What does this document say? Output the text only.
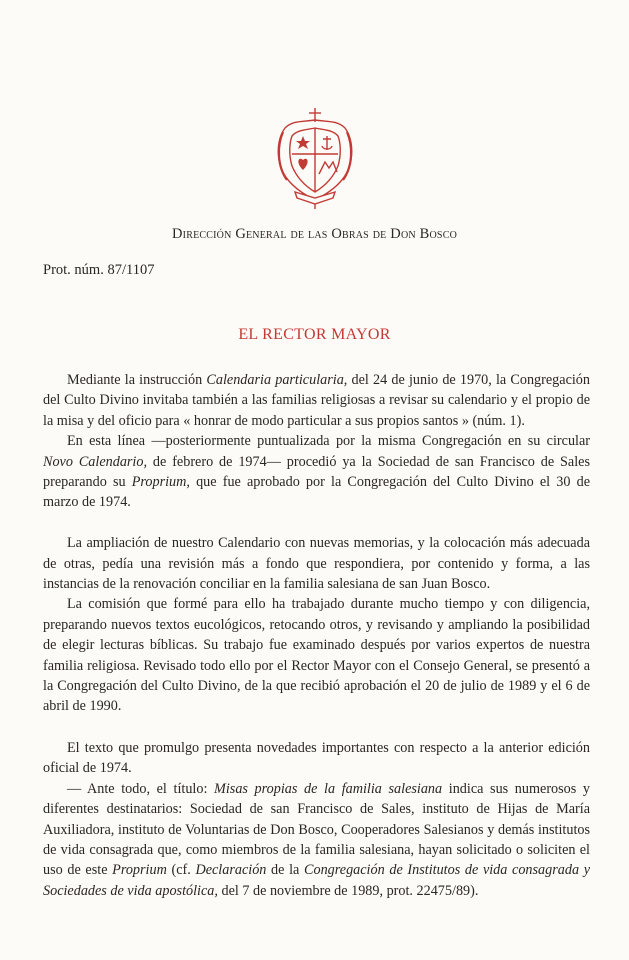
Dirección General de las Obras de Don Bosco
Prot. núm. 87/1107
EL RECTOR MAYOR

Mediante la instrucción Calendaria particularia, del 24 de junio de 1970, la Congregación del Culto Divino invitaba también a las familias religiosas a revisar su calendario y el propio de la misa y del oficio para « honrar de modo particular a sus propios santos » (núm. 1).

En esta línea —posteriormente puntualizada por la misma Congregación en su circular Novo Calendario, de febrero de 1974— procedió ya la Sociedad de san Francisco de Sales preparando su Proprium, que fue aprobado por la Congregación del Culto Divino el 30 de marzo de 1974.

La ampliación de nuestro Calendario con nuevas memorias, y la colocación más adecuada de otras, pedía una revisión más a fondo que respondiera, por contenido y forma, a las instancias de la renovación conciliar en la familia salesiana de san Juan Bosco.

La comisión que formé para ello ha trabajado durante mucho tiempo y con diligencia, preparando nuevos textos eucológicos, retocando otros, y revisando y ampliando la posibilidad de elegir lecturas bíblicas. Su trabajo fue examinado después por varios expertos de nuestra familia religiosa. Revisado todo ello por el Rector Mayor con el Consejo General, se presentó a la Congregación del Culto Divino, de la que recibió aprobación el 20 de julio de 1989 y el 6 de abril de 1990.

El texto que promulgo presenta novedades importantes con respecto a la anterior edición oficial de 1974.

— Ante todo, el título: Misas propias de la familia salesiana indica sus numerosos y diferentes destinatarios: Sociedad de san Francisco de Sales, instituto de Hijas de María Auxiliadora, instituto de Voluntarias de Don Bosco, Cooperadores Salesianos y demás institutos de vida consagrada que, como miembros de la familia salesiana, hayan solicitado o soliciten el uso de este Proprium (cf. Declaración de la Congregación de Institutos de vida consagrada y Sociedades de vida apostólica, del 7 de noviembre de 1989, prot. 22475/89).
